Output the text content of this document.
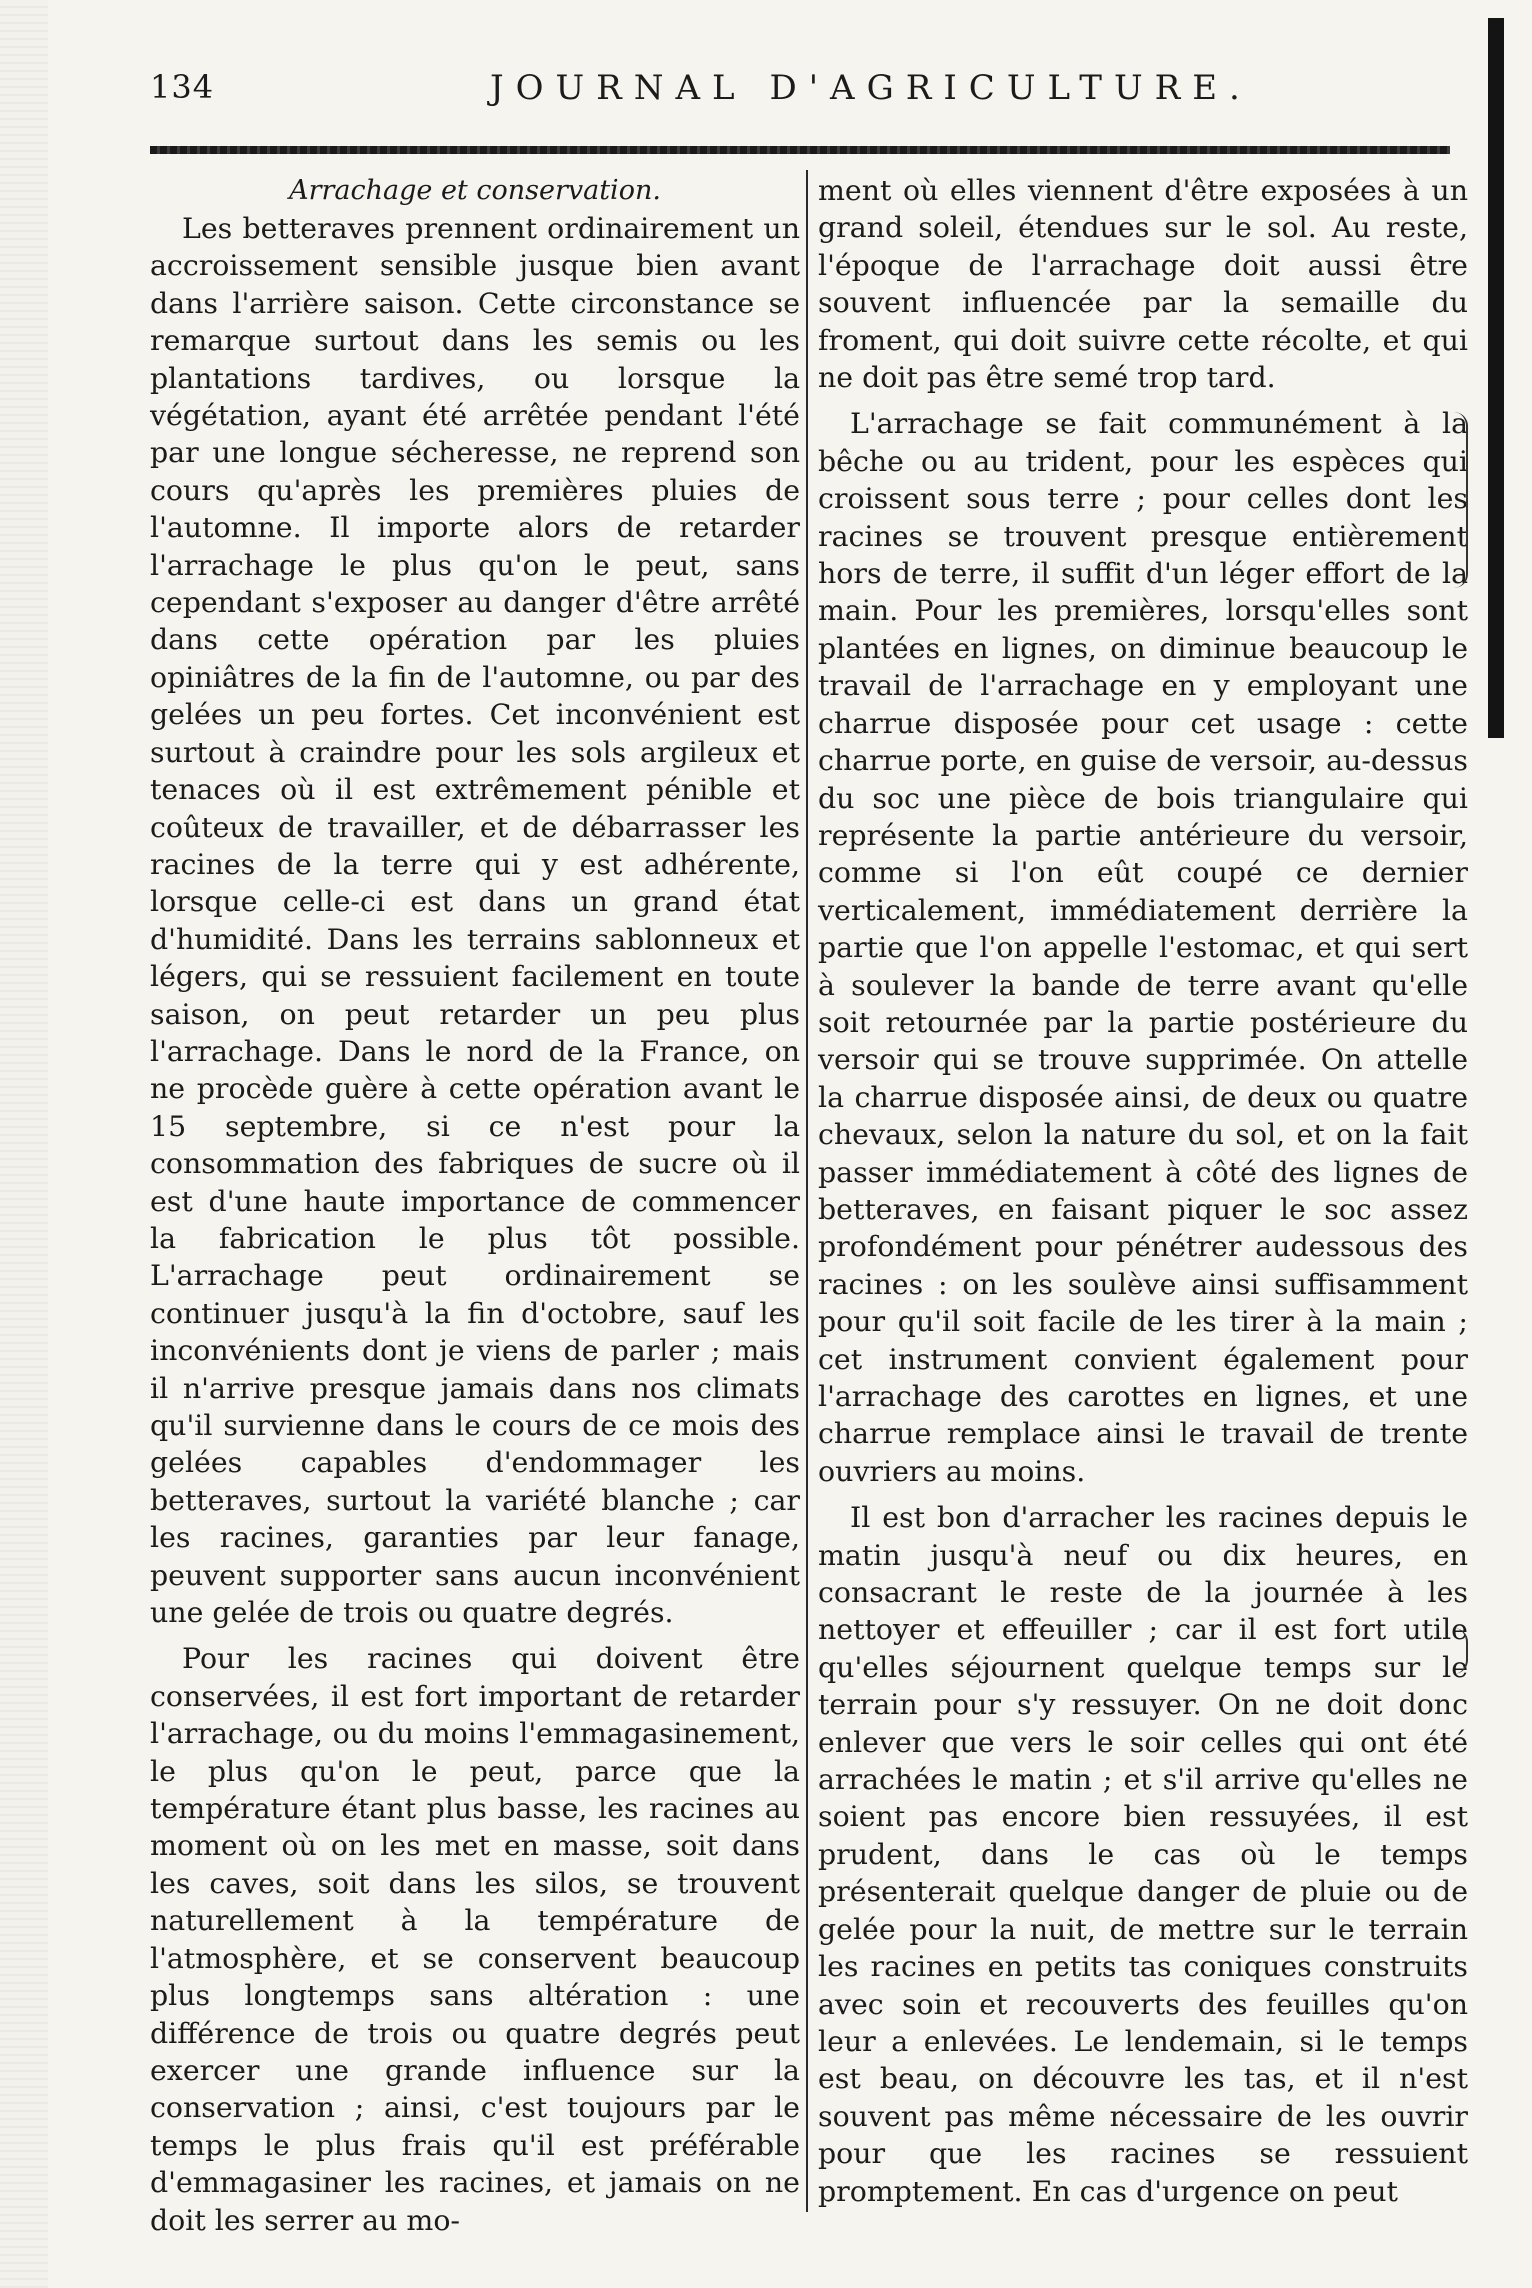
134	JOURNAL D'AGRICULTURE.
Arrachage et conservation.

Les betteraves prennent ordinairement un accroissement sensible jusque bien avant dans l'arrière saison. Cette circonstance se remarque surtout dans les semis ou les plantations tardives, ou lorsque la végétation, ayant été arrêtée pendant l'été par une longue sécheresse, ne reprend son cours qu'après les premières pluies de l'automne. Il importe alors de retarder l'arrachage le plus qu'on le peut, sans cependant s'exposer au danger d'être arrêté dans cette opération par les pluies opiniâtres de la fin de l'automne, ou par des gelées un peu fortes. Cet inconvénient est surtout à craindre pour les sols argileux et tenaces où il est extrêmement pénible et coûteux de travailler, et de débarrasser les racines de la terre qui y est adhérente, lorsque celle-ci est dans un grand état d'humidité. Dans les terrains sablonneux et légers, qui se ressuient facilement en toute saison, on peut retarder un peu plus l'arrachage. Dans le nord de la France, on ne procède guère à cette opération avant le 15 septembre, si ce n'est pour la consommation des fabriques de sucre où il est d'une haute importance de commencer la fabrication le plus tôt possible. L'arrachage peut ordinairement se continuer jusqu'à la fin d'octobre, sauf les inconvénients dont je viens de parler ; mais il n'arrive presque jamais dans nos climats qu'il survienne dans le cours de ce mois des gelées capables d'endommager les betteraves, surtout la variété blanche ; car les racines, garanties par leur fanage, peuvent supporter sans aucun inconvénient une gelée de trois ou quatre degrés.

Pour les racines qui doivent être conservées, il est fort important de retarder l'arrachage, ou du moins l'emmagasinement, le plus qu'on le peut, parce que la température étant plus basse, les racines au moment où on les met en masse, soit dans les caves, soit dans les silos, se trouvent naturellement à la température de l'atmosphère, et se conservent beaucoup plus longtemps sans altération : une différence de trois ou quatre degrés peut exercer une grande influence sur la conservation ; ainsi, c'est toujours par le temps le plus frais qu'il est préférable d'emmagasiner les racines, et jamais on ne doit les serrer au mo-

ment où elles viennent d'être exposées à un grand soleil, étendues sur le sol. Au reste, l'époque de l'arrachage doit aussi être souvent influencée par la semaille du froment, qui doit suivre cette récolte, et qui ne doit pas être semé trop tard.

L'arrachage se fait communément à la bêche ou au trident, pour les espèces qui croissent sous terre ; pour celles dont les racines se trouvent presque entièrement hors de terre, il suffit d'un léger effort de la main. Pour les premières, lorsqu'elles sont plantées en lignes, on diminue beaucoup le travail de l'arrachage en y employant une charrue disposée pour cet usage : cette charrue porte, en guise de versoir, au-dessus du soc une pièce de bois triangulaire qui représente la partie antérieure du versoir, comme si l'on eût coupé ce dernier verticalement, immédiatement derrière la partie que l'on appelle l'estomac, et qui sert à soulever la bande de terre avant qu'elle soit retournée par la partie postérieure du versoir qui se trouve supprimée. On attelle la charrue disposée ainsi, de deux ou quatre chevaux, selon la nature du sol, et on la fait passer immédiatement à côté des lignes de betteraves, en faisant piquer le soc assez profondément pour pénétrer audessous des racines : on les soulève ainsi suffisamment pour qu'il soit facile de les tirer à la main ; cet instrument convient également pour l'arrachage des carottes en lignes, et une charrue remplace ainsi le travail de trente ouvriers au moins.

Il est bon d'arracher les racines depuis le matin jusqu'à neuf ou dix heures, en consacrant le reste de la journée à les nettoyer et effeuiller ; car il est fort utile qu'elles séjournent quelque temps sur le terrain pour s'y ressuyer. On ne doit donc enlever que vers le soir celles qui ont été arrachées le matin ; et s'il arrive qu'elles ne soient pas encore bien ressuyées, il est prudent, dans le cas où le temps présenterait quelque danger de pluie ou de gelée pour la nuit, de mettre sur le terrain les racines en petits tas coniques construits avec soin et recouverts des feuilles qu'on leur a enlevées. Le lendemain, si le temps est beau, on découvre les tas, et il n'est souvent pas même nécessaire de les ouvrir pour que les racines se ressuient promptement. En cas d'urgence on peut
